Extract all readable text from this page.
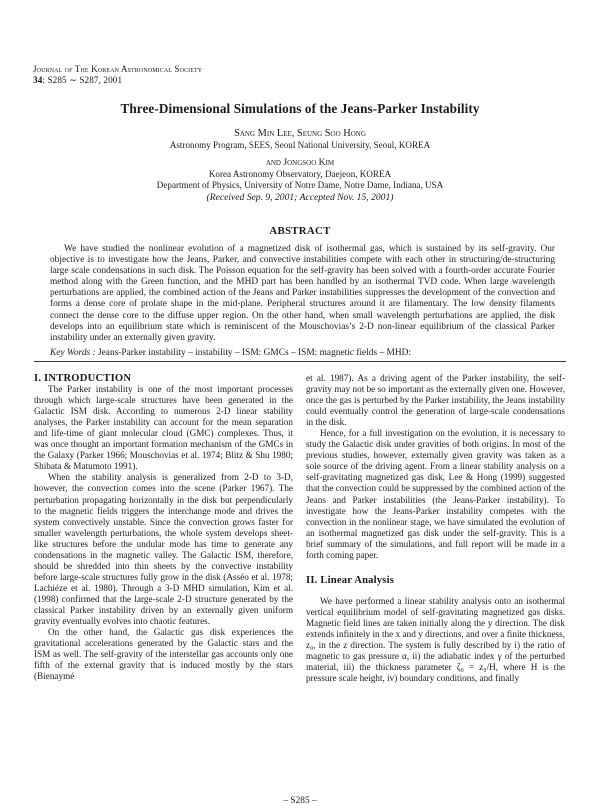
Journal of The Korean Astronomical Society
34: S285 ∼ S287, 2001
Three-Dimensional Simulations of the Jeans-Parker Instability
Sang Min Lee, Seung Soo Hong
Astronomy Program, SEES, Seoul National University, Seoul, KOREA
and Jongsoo Kim
Korea Astronomy Observatory, Daejeon, KOREA
Department of Physics, University of Notre Dame, Notre Dame, Indiana, USA
(Received Sep. 9, 2001; Accepted Nov. 15, 2001)
ABSTRACT

We have studied the nonlinear evolution of a magnetized disk of isothermal gas, which is sustained by its self-gravity. Our objective is to investigate how the Jeans, Parker, and convective instabilities compete with each other in structuring/de-structuring large scale condensations in such disk. The Poisson equation for the self-gravity has been solved with a fourth-order accurate Fourier method along with the Green function, and the MHD part has been handled by an isothermal TVD code. When large wavelength perturbations are applied, the combined action of the Jeans and Parker instabilities suppresses the development of the convection and forms a dense core of prolate shape in the mid-plane. Peripheral structures around it are filamentary. The low density filaments connect the dense core to the diffuse upper region. On the other hand, when small wavelength perturbations are applied, the disk develops into an equilibrium state which is reminiscent of the Mouschovias’s 2-D non-linear equilibrium of the classical Parker instability under an externally given gravity.

Key Words : Jeans-Parker instability – instability – ISM: GMCs – ISM: magnetic fields – MHD:

I. INTRODUCTION

The Parker instability is one of the most important processes through which large-scale structures have been generated in the Galactic ISM disk. According to numerous 2-D linear stability analyses, the Parker instability can account for the mean separation and life-time of giant molecular cloud (GMC) complexes. Thus, it was once thought an important formation mechanism of the GMCs in the Galaxy (Parker 1966; Mouschovias et al. 1974; Blitz & Shu 1980; Shibata & Matumoto 1991).

When the stability analysis is generalized from 2-D to 3-D, however, the convection comes into the scene (Parker 1967). The perturbation propagating horizontally in the disk but perpendicularly to the magnetic fields triggers the interchange mode and drives the system convectively unstable. Since the convection grows faster for smaller wavelength perturbations, the whole system develops sheet-like structures before the undular mode has time to generate any condensations in the magnetic valley. The Galactic ISM, therefore, should be shredded into thin sheets by the convective instability before large-scale structures fully grow in the disk (Asséo et al. 1978; Lachiéze et al. 1980). Through a 3-D MHD simulation, Kim et al. (1998) confirmed that the large-scale 2-D structure generated by the classical Parker instability driven by an externally given uniform gravity eventually evolves into chaotic features.

On the other hand, the Galactic gas disk experiences the gravitational accelerations generated by the Galactic stars and the ISM as well. The self-gravity of the interstellar gas accounts only one fifth of the external gravity that is induced mostly by the stars (Bienaymé

et al. 1987). As a driving agent of the Parker instability, the self-gravity may not be so important as the externally given one. However, once the gas is perturbed by the Parker instability, the Jeans instability could eventually control the generation of large-scale condensations in the disk.

Hence, for a full investigation on the evolution, it is necessary to study the Galactic disk under gravities of both origins. In most of the previous studies, however, externally given gravity was taken as a sole source of the driving agent. From a linear stability analysis on a self-gravitating magnetized gas disk, Lee & Hong (1999) suggested that the convection could be suppressed by the combined action of the Jeans and Parker instabilities (the Jeans-Parker instability). To investigate how the Jeans-Parker instability competes with the convection in the nonlinear stage, we have simulated the evolution of an isothermal magnetized gas disk under the self-gravity. This is a brief summary of the simulations, and full report will be made in a forth coming paper.

II. Linear Analysis

We have performed a linear stability analysis onto an isothermal vertical equilibrium model of self-gravitating magnetized gas disks. Magnetic field lines are taken initially along the y direction. The disk extends infinitely in the x and y directions, and over a finite thickness, z₀, in the z direction. The system is fully described by i) the ratio of magnetic to gas pressure α, ii) the adiabatic index γ of the perturbed material, iii) the thickness parameter ζ₀ = z₀/H, where H is the pressure scale height, iv) boundary conditions, and finally

– S285 –
